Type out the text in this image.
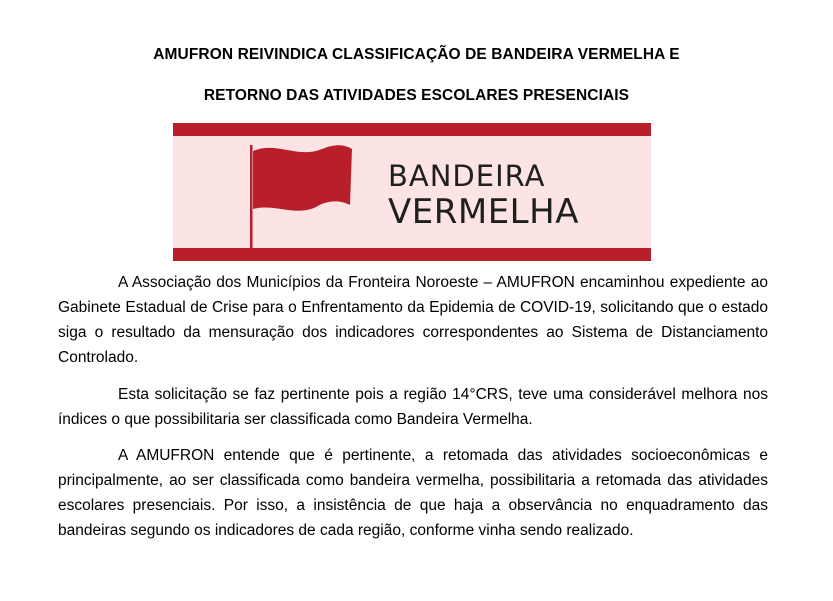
AMUFRON REIVINDICA CLASSIFICAÇÃO DE BANDEIRA VERMELHA E
RETORNO DAS ATIVIDADES ESCOLARES PRESENCIAIS
BANDEIRA
VERMELHA

A Associação dos Municípios da Fronteira Noroeste – AMUFRON encaminhou expediente ao Gabinete Estadual de Crise para o Enfrentamento da Epidemia de COVID-19, solicitando que o estado siga o resultado da mensuração dos indicadores correspondentes ao Sistema de Distanciamento Controlado.

Esta solicitação se faz pertinente pois a região 14°CRS, teve uma considerável melhora nos índices o que possibilitaria ser classificada como Bandeira Vermelha.

A AMUFRON entende que é pertinente, a retomada das atividades socioeconômicas e principalmente, ao ser classificada como bandeira vermelha, possibilitaria a retomada das atividades escolares presenciais. Por isso, a insistência de que haja a observância no enquadramento das bandeiras segundo os indicadores de cada região, conforme vinha sendo realizado.
